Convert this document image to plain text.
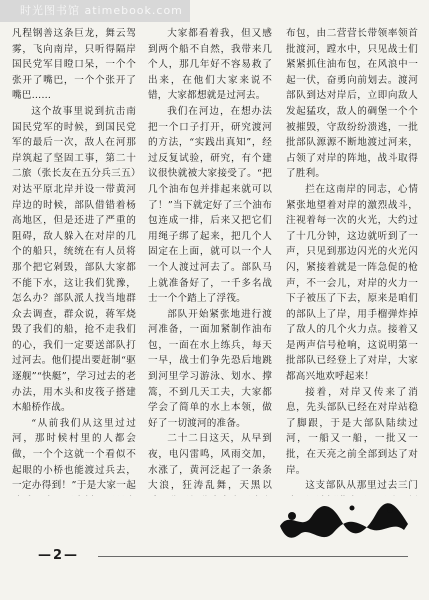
时光图书馆 atimebook.com

凡程钢善这条巨龙，舞云驾雾，飞向南岸，只听得隔岸国民党军目瞪口呆，一个个张开了嘴巴，一个个张开了嘴巴……

这个故事里说到抗击南国民党军的时候，到国民党军的最后一次，敌人在河那岸筑起了坚固工事，第二十二旅（张长友在五分兵三五）对达平原北岸并设一带黄河岸边的时候，部队借错着杨高地区，但是还进了严重的阻碍，敌人躲入在对岸的几个的船只，统统在有人员将那个把它剁毁，部队大家都不能下水，这让我们犹豫，怎么办？部队派人找当地群众去调查，群众说，蒋军烧毁了我们的船，抢不走我们的心，我们一定要送部队打过河去。他们提出要赶制“驱逐舰”“快艇”，学习过去的老办法，用木头和皮筏子搭建木船桥作战。

“从前我们从这里过过河，那时候村里的人都会做，一个个这就一个看似不起眼的小桥也能渡过兵去，一定办得到！”于是大家一起

大家都看着我，但又感到两个船不自然，我带来几个人，那几年好不容易救了出来，在他们大家来说不错，大家都想就是过河去。

我们在河边，在想办法把一个口子打开，研究渡河的方法，“实践出真知”，经过反复试验，研究，有个建议很快就被大家接受了。“把几个油布包并排起来就可以了！”当下就定好了三个油布包连成一排，后来又把它们用绳子绑了起来，把几个人固定在上面，就可以一个人一个人渡过河去了。部队马上就准备好了，一千多名战士一个个踏上了浮筏。

部队开始紧张地进行渡河准备，一面加紧制作油布包，一面在水上练兵，每天一早，战士们争先恐后地跳到河里学习游泳、划水、撑篙，不到几天工夫，大家都学会了简单的水上本领，做好了一切渡河的准备。

二十二日这天，从早到夜，电闪雷鸣，风雨交加，水涨了，黄河泛起了一条条大浪，狂涛乱舞，天黑以

布包，由二营营长带领率领首批渡河，蹚水中，只见战士们紧紧抓住油布包，在风浪中一起一伏，奋勇向前划去。渡河部队到达对岸后，立即向敌人发起猛攻，敌人的碉堡一个个被摧毁，守敌纷纷溃逃，一批批部队源源不断地渡过河来，占领了对岸的阵地，战斗取得了胜利。

拦在这南岸的同志，心情紧张地望着对岸的激烈战斗，注视着每一次的火光，大约过了十几分钟，这边就听到了一声，只见到那边闪光的火光闪闪，紧接着就是一阵急促的枪声，不一会儿，对岸的火力一下子被压了下去，原来是咱们的部队上了岸，用手榴弹炸掉了敌人的几个火力点。接着又是两声信号枪响，这说明第一批部队已经登上了对岸，大家都高兴地欢呼起来！

接着，对岸又传来了消息，先头部队已经在对岸站稳了脚跟，于是大部队陆续过河，一船又一船，一批又一批，在天亮之前全部到达了对岸。

这支部队从那里过去三门

—2—
